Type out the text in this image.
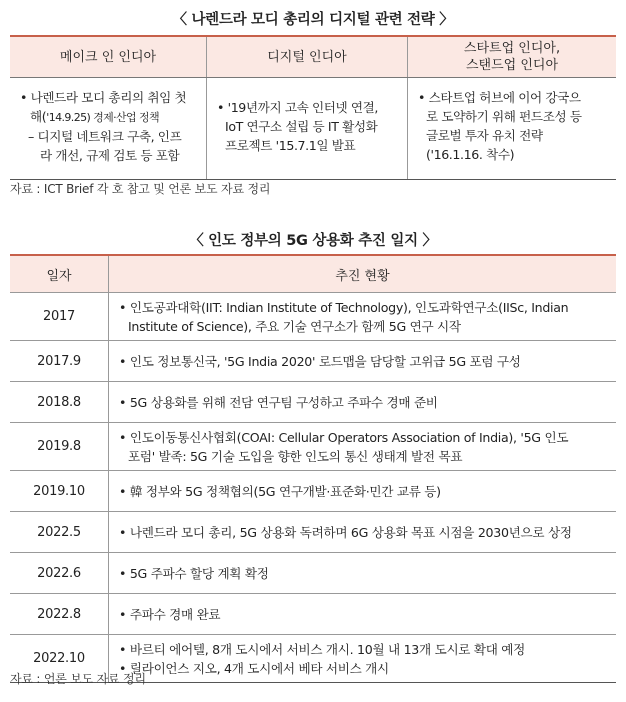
〈 나렌드라 모디 총리의 디지털 관련 전략 〉
메이크 인 인디아	디지털 인디아	스타트업 인디아,
스탠드업 인디아

• 나렌드라 모디 총리의 취임 첫
해('14.9.25) 경제·산업 정책
– 디지털 네트워크 구축, 인프
라 개선, 규제 검토 등 포함	• '19년까지 고속 인터넷 연결,
IoT 연구소 설립 등 IT 활성화
프로젝트 '15.7.1일 발표	• 스타트업 허브에 이어 강국으
로 도약하기 위해 펀드조성 등
글로벌 투자 유치 전략
('16.1.16. 착수)
자료 : ICT Brief 각 호 참고 및 언론 보도 자료 정리
〈 인도 정부의 5G 상용화 추진 일지 〉
일자	추진 현황
2017	• 인도공과대학(IIT: Indian Institute of Technology), 인도과학연구소(IISc, Indian
Institute of Science), 주요 기술 연구소가 함께 5G 연구 시작
2017.9	• 인도 정보통신국, '5G India 2020' 로드맵을 담당할 고위급 5G 포럼 구성
2018.8	• 5G 상용화를 위해 전담 연구팀 구성하고 주파수 경매 준비
2019.8	• 인도이동통신사협회(COAI: Cellular Operators Association of India), '5G 인도
포럼' 발족: 5G 기술 도입을 향한 인도의 통신 생태계 발전 목표
2019.10	• 韓 정부와 5G 정책협의(5G 연구개발·표준화·민간 교류 등)
2022.5	• 나렌드라 모디 총리, 5G 상용화 독려하며 6G 상용화 목표 시점을 2030년으로 상정
2022.6	• 5G 주파수 할당 계획 확정
2022.8	• 주파수 경매 완료
2022.10	• 바르티 에어텔, 8개 도시에서 서비스 개시. 10월 내 13개 도시로 확대 예정
• 릴라이언스 지오, 4개 도시에서 베타 서비스 개시
자료 : 언론 보도 자료 정리
